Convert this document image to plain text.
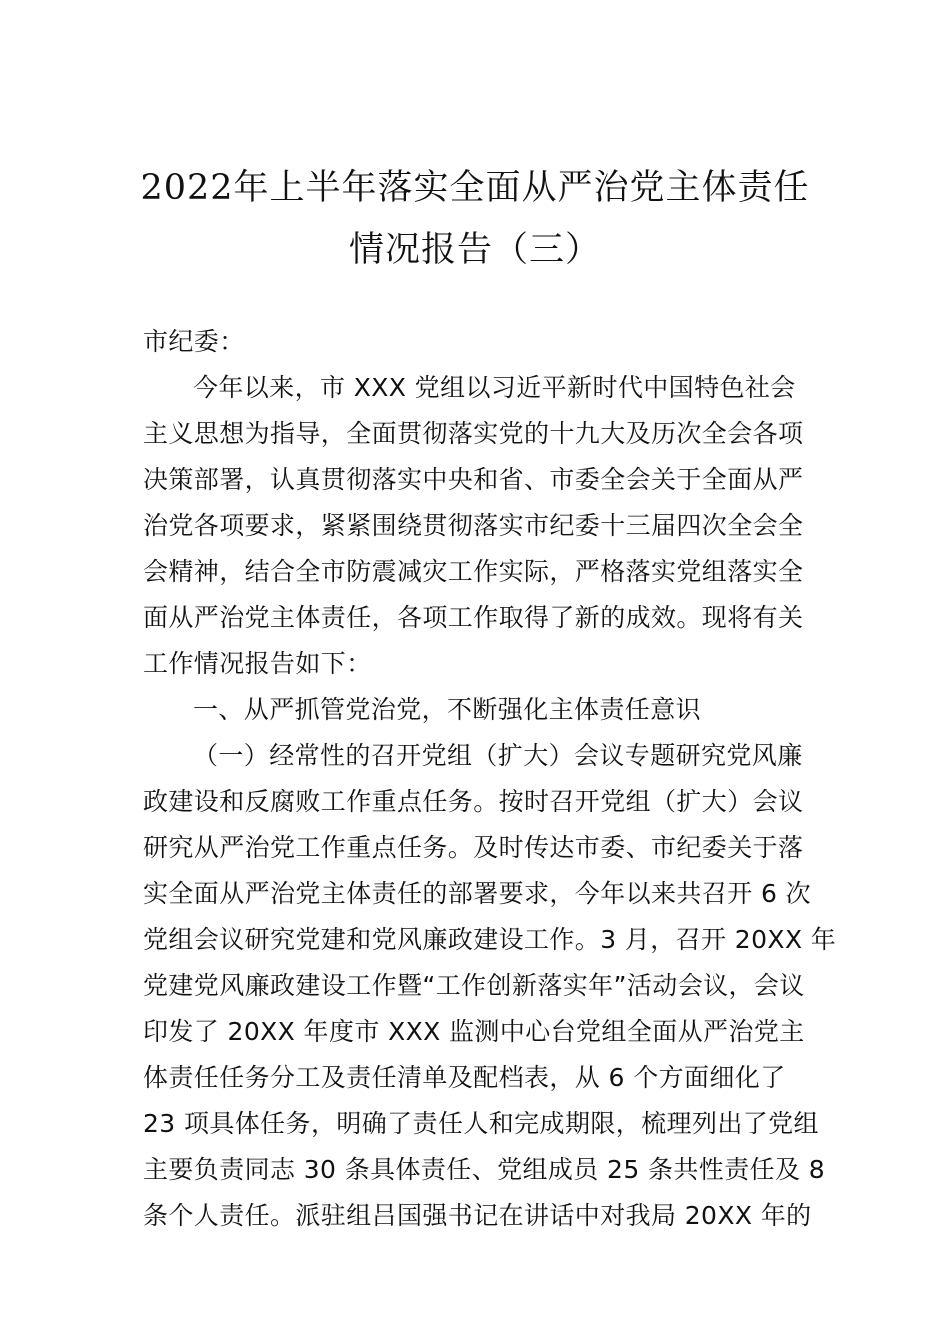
2022年上半年落实全面从严治党主体责任
情况报告（三）
市纪委：
今年以来，市 XXX 党组以习近平新时代中国特色社会
主义思想为指导，全面贯彻落实党的十九大及历次全会各项
决策部署，认真贯彻落实中央和省、市委全会关于全面从严
治党各项要求，紧紧围绕贯彻落实市纪委十三届四次全会全
会精神，结合全市防震减灾工作实际，严格落实党组落实全
面从严治党主体责任，各项工作取得了新的成效。现将有关
工作情况报告如下：
一、从严抓管党治党，不断强化主体责任意识
（一）经常性的召开党组（扩大）会议专题研究党风廉
政建设和反腐败工作重点任务。按时召开党组（扩大）会议
研究从严治党工作重点任务。及时传达市委、市纪委关于落
实全面从严治党主体责任的部署要求，今年以来共召开 6 次
党组会议研究党建和党风廉政建设工作。3 月，召开 20XX 年
党建党风廉政建设工作暨“工作创新落实年”活动会议，会议
印发了 20XX 年度市 XXX 监测中心台党组全面从严治党主
体责任任务分工及责任清单及配档表，从 6 个方面细化了
23 项具体任务，明确了责任人和完成期限，梳理列出了党组
主要负责同志 30 条具体责任、党组成员 25 条共性责任及 8
条个人责任。派驻组吕国强书记在讲话中对我局 20XX 年的
